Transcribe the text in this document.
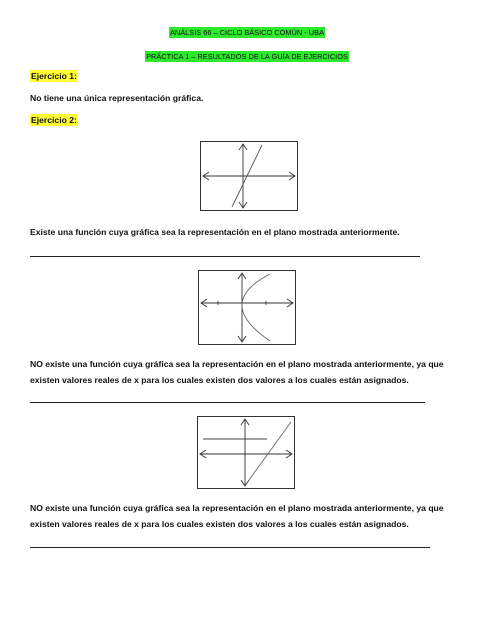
ANÁLSIS 66 – CICLO BÁSICO COMÚN - UBA
PRÁCTICA 1 – RESULTADOS DE LA GUÍA DE EJERCICIOS
Ejercicio 1:
No tiene una única representación gráfica.
Ejercicio 2:
Existe una función cuya gráfica sea la representación en el plano mostrada anteriormente.
NO existe una función cuya gráfica sea la representación en el plano mostrada anteriormente, ya que
existen valores reales de x para los cuales existen dos valores a los cuales están asignados.
NO existe una función cuya gráfica sea la representación en el plano mostrada anteriormente, ya que
existen valores reales de x para los cuales existen dos valores a los cuales están asignados.
